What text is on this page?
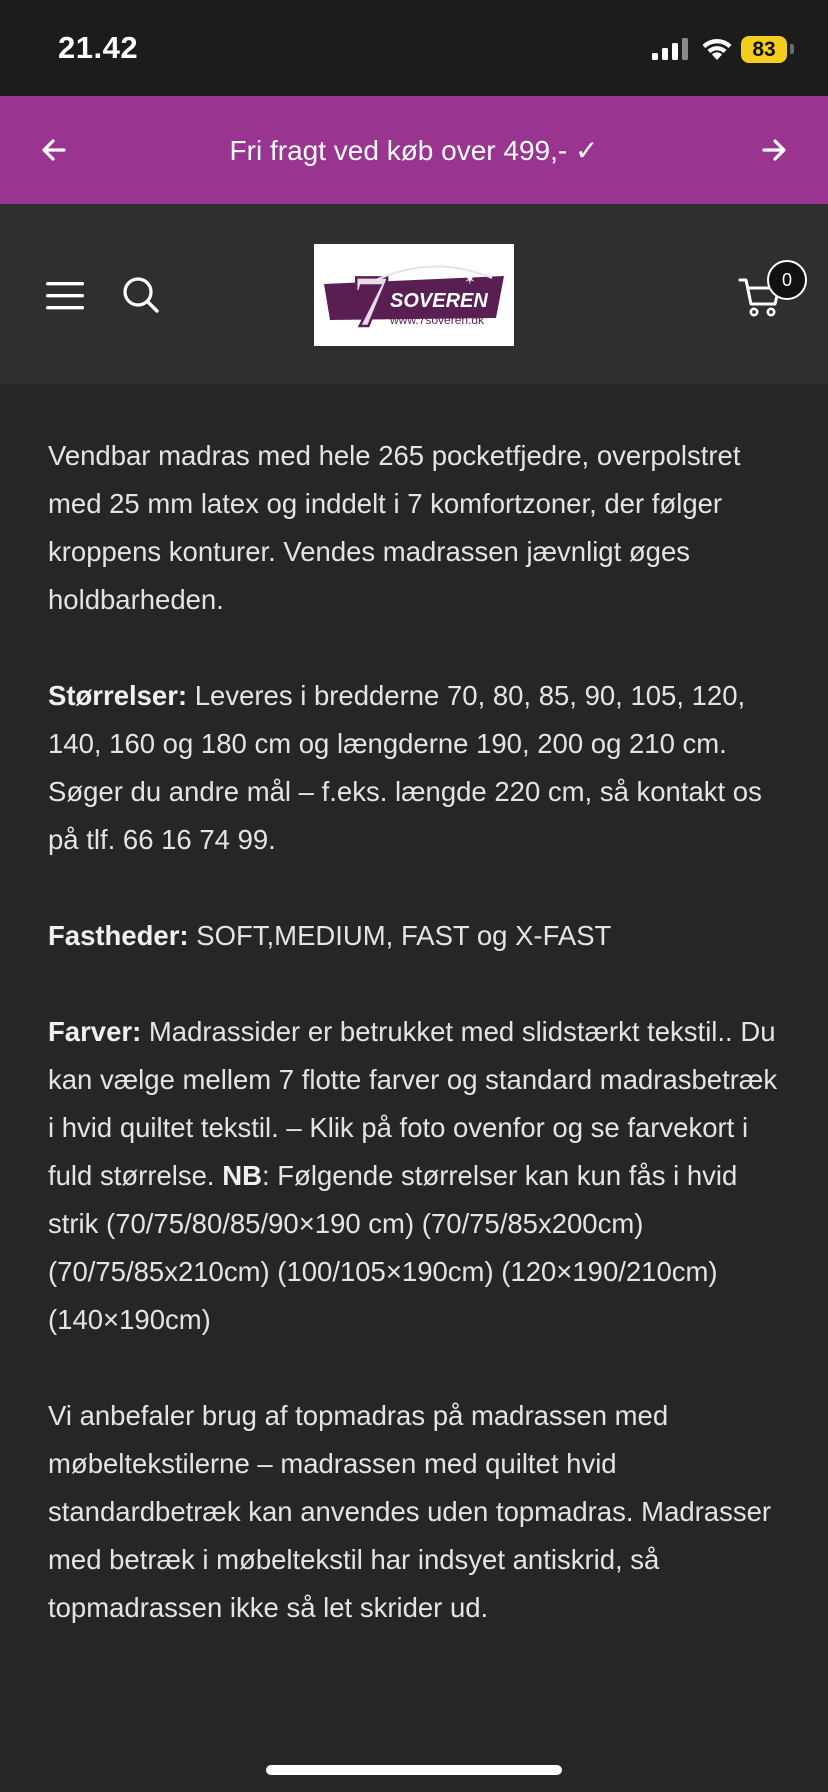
21.42	83
Fri fragt ved køb over 499,- ✓
7	✶
SOVEREN
www.7soveren.dk
0

Vendbar madras med hele 265 pocketfjedre, overpolstret med 25 mm latex og inddelt i 7 komfortzoner, der følger kroppens konturer. Vendes madrassen jævnligt øges holdbarheden.

Størrelser: Leveres i bredderne 70, 80, 85, 90, 105, 120, 140, 160 og 180 cm og længderne 190, 200 og 210 cm. Søger du andre mål – f.eks. længde 220 cm, så kontakt os på tlf. 66 16 74 99.

Fastheder: SOFT,MEDIUM, FAST og X-FAST

Farver: Madrassider er betrukket med slidstærkt tekstil.. Du kan vælge mellem 7 flotte farver og standard madrasbetræk i hvid quiltet tekstil. – Klik på foto ovenfor og se farvekort i fuld størrelse. NB: Følgende størrelser kan kun fås i hvid strik (70/75/80/85/90×190 cm) (70/75/85x200cm) (70/75/85x210cm) (100/105×190cm) (120×190/210cm) (140×190cm)

Vi anbefaler brug af topmadras på madrassen med møbeltekstilerne – madrassen med quiltet hvid standardbetræk kan anvendes uden topmadras. Madrasser med betræk i møbeltekstil har indsyet antiskrid, så topmadrassen ikke så let skrider ud.
